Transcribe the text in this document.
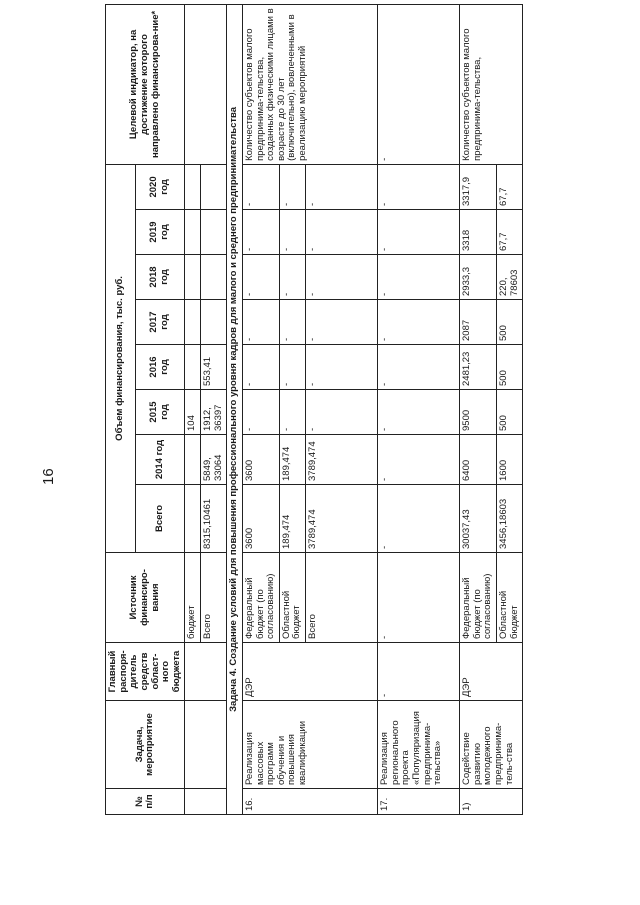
16
№ п/п	Задача, мероприятие	Главный распоря-дитель средств област-ного бюджета	Источник финансиро-вания	Объем финансирования, тыс. руб.								Целевой индикатор, на достижение которого направлено финансирова-ние*
				Всего	2014 год	2015 год	2016 год	2017 год	2018 год	2019 год	2020 год	
			бюджет			104						
			Всего	8315,10461	5849, 33064	1912, 36397	553,41					
Задача 4. Создание условий для повышения профессионального уровня кадров для малого и среднего предпринимательства												
16.	Реализация массовых программ обучения и повышения квалификации	ДЭР	Федеральный бюджет (по согласованию)	3600	3600	-	-	-	-	-	-	Количество субъектов малого предпринима-тельства, созданных физическими лицами в возрасте до 30 лет (включительно), вовлеченными в реализацию мероприятий
			Областной бюджет	189,474	189,474	-	-	-	-	-	-	
			Всего	3789,474	3789,474	-	-	-	-	-	-	
17.	Реализация регионального проекта «Популяризация предпринима-тельства»	-	-	-	-	-	-	-	-	-	-	-
1)	Содействие развитию молодежного предпринима-тель-ства	ДЭР	Федеральный бюджет (по согласованию)	30037,43	6400	9500	2481,23	2087	2933,3	3318	3317,9	Количество субъектов малого предпринима-тельства,
			Областной бюджет	3456,18603	1600	500	500	500	220, 78603	67,7	67,7	
